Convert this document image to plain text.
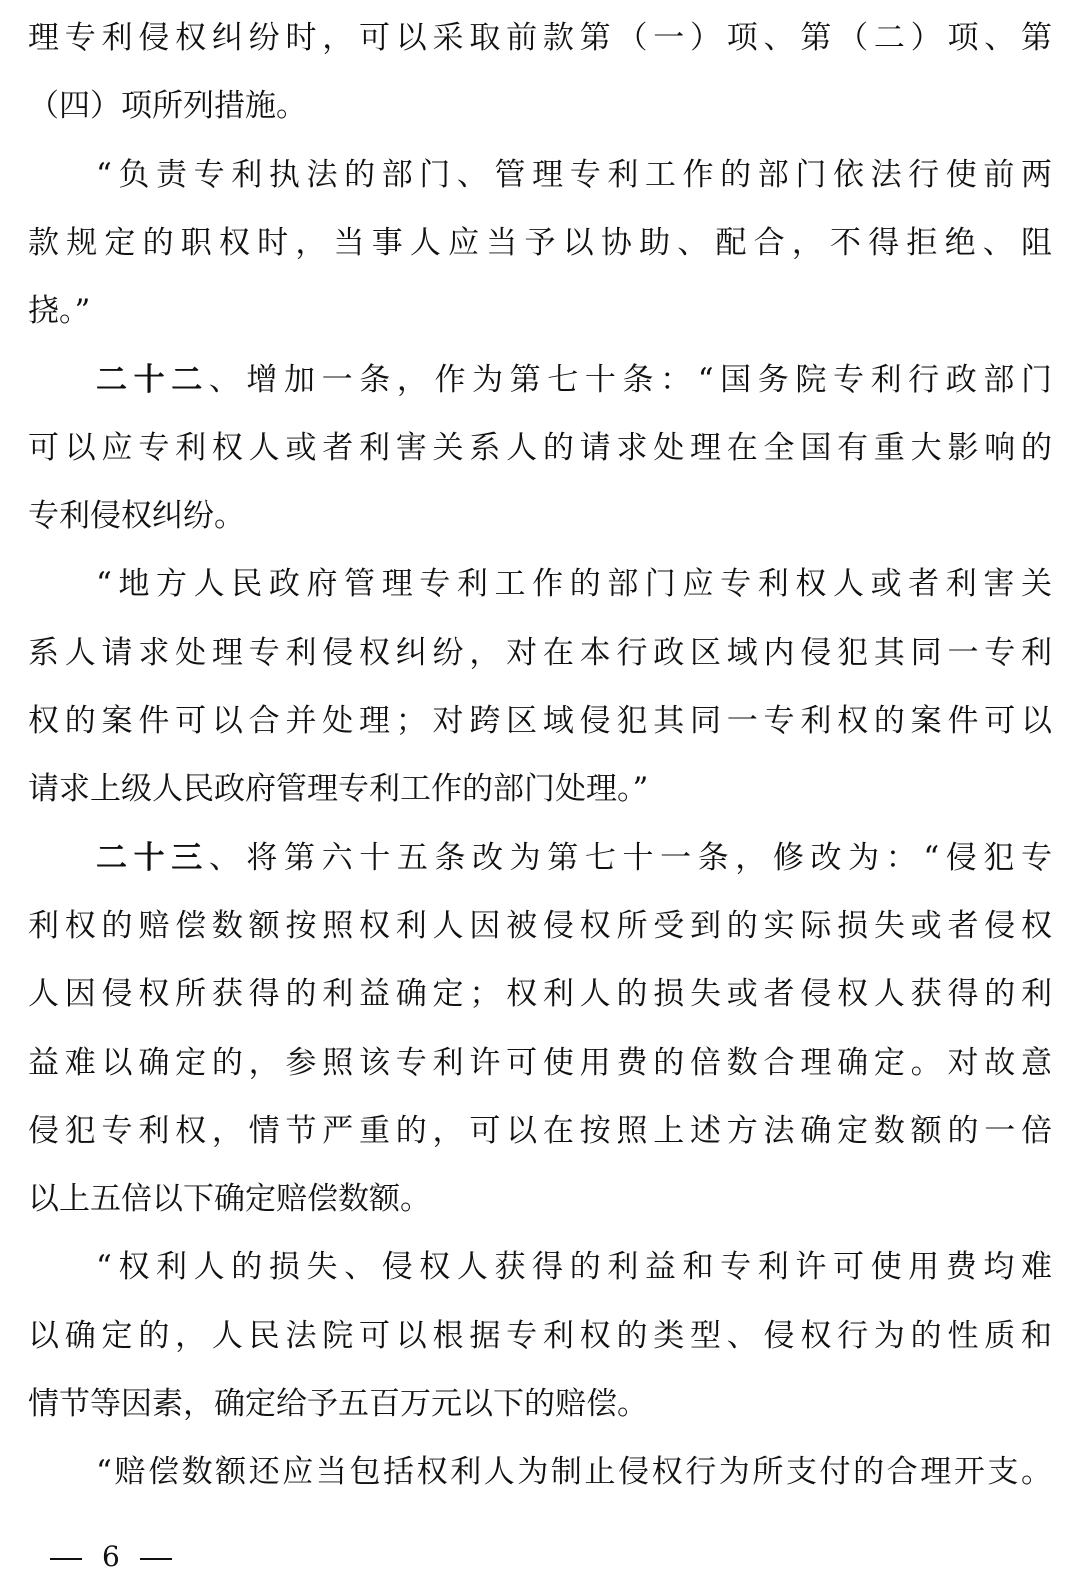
理专利侵权纠纷时，可以采取前款第（一）项、第（二）项、第
（四）项所列措施。
“负责专利执法的部门、管理专利工作的部门依法行使前两
款规定的职权时，当事人应当予以协助、配合，不得拒绝、阻
挠。”
二十二、增加一条，作为第七十条：“国务院专利行政部门
可以应专利权人或者利害关系人的请求处理在全国有重大影响的
专利侵权纠纷。
“地方人民政府管理专利工作的部门应专利权人或者利害关
系人请求处理专利侵权纠纷，对在本行政区域内侵犯其同一专利
权的案件可以合并处理；对跨区域侵犯其同一专利权的案件可以
请求上级人民政府管理专利工作的部门处理。”
二十三、将第六十五条改为第七十一条，修改为：“侵犯专
利权的赔偿数额按照权利人因被侵权所受到的实际损失或者侵权
人因侵权所获得的利益确定；权利人的损失或者侵权人获得的利
益难以确定的，参照该专利许可使用费的倍数合理确定。对故意
侵犯专利权，情节严重的，可以在按照上述方法确定数额的一倍
以上五倍以下确定赔偿数额。
“权利人的损失、侵权人获得的利益和专利许可使用费均难
以确定的，人民法院可以根据专利权的类型、侵权行为的性质和
情节等因素，确定给予五百万元以下的赔偿。
“赔偿数额还应当包括权利人为制止侵权行为所支付的合理开支。
6
